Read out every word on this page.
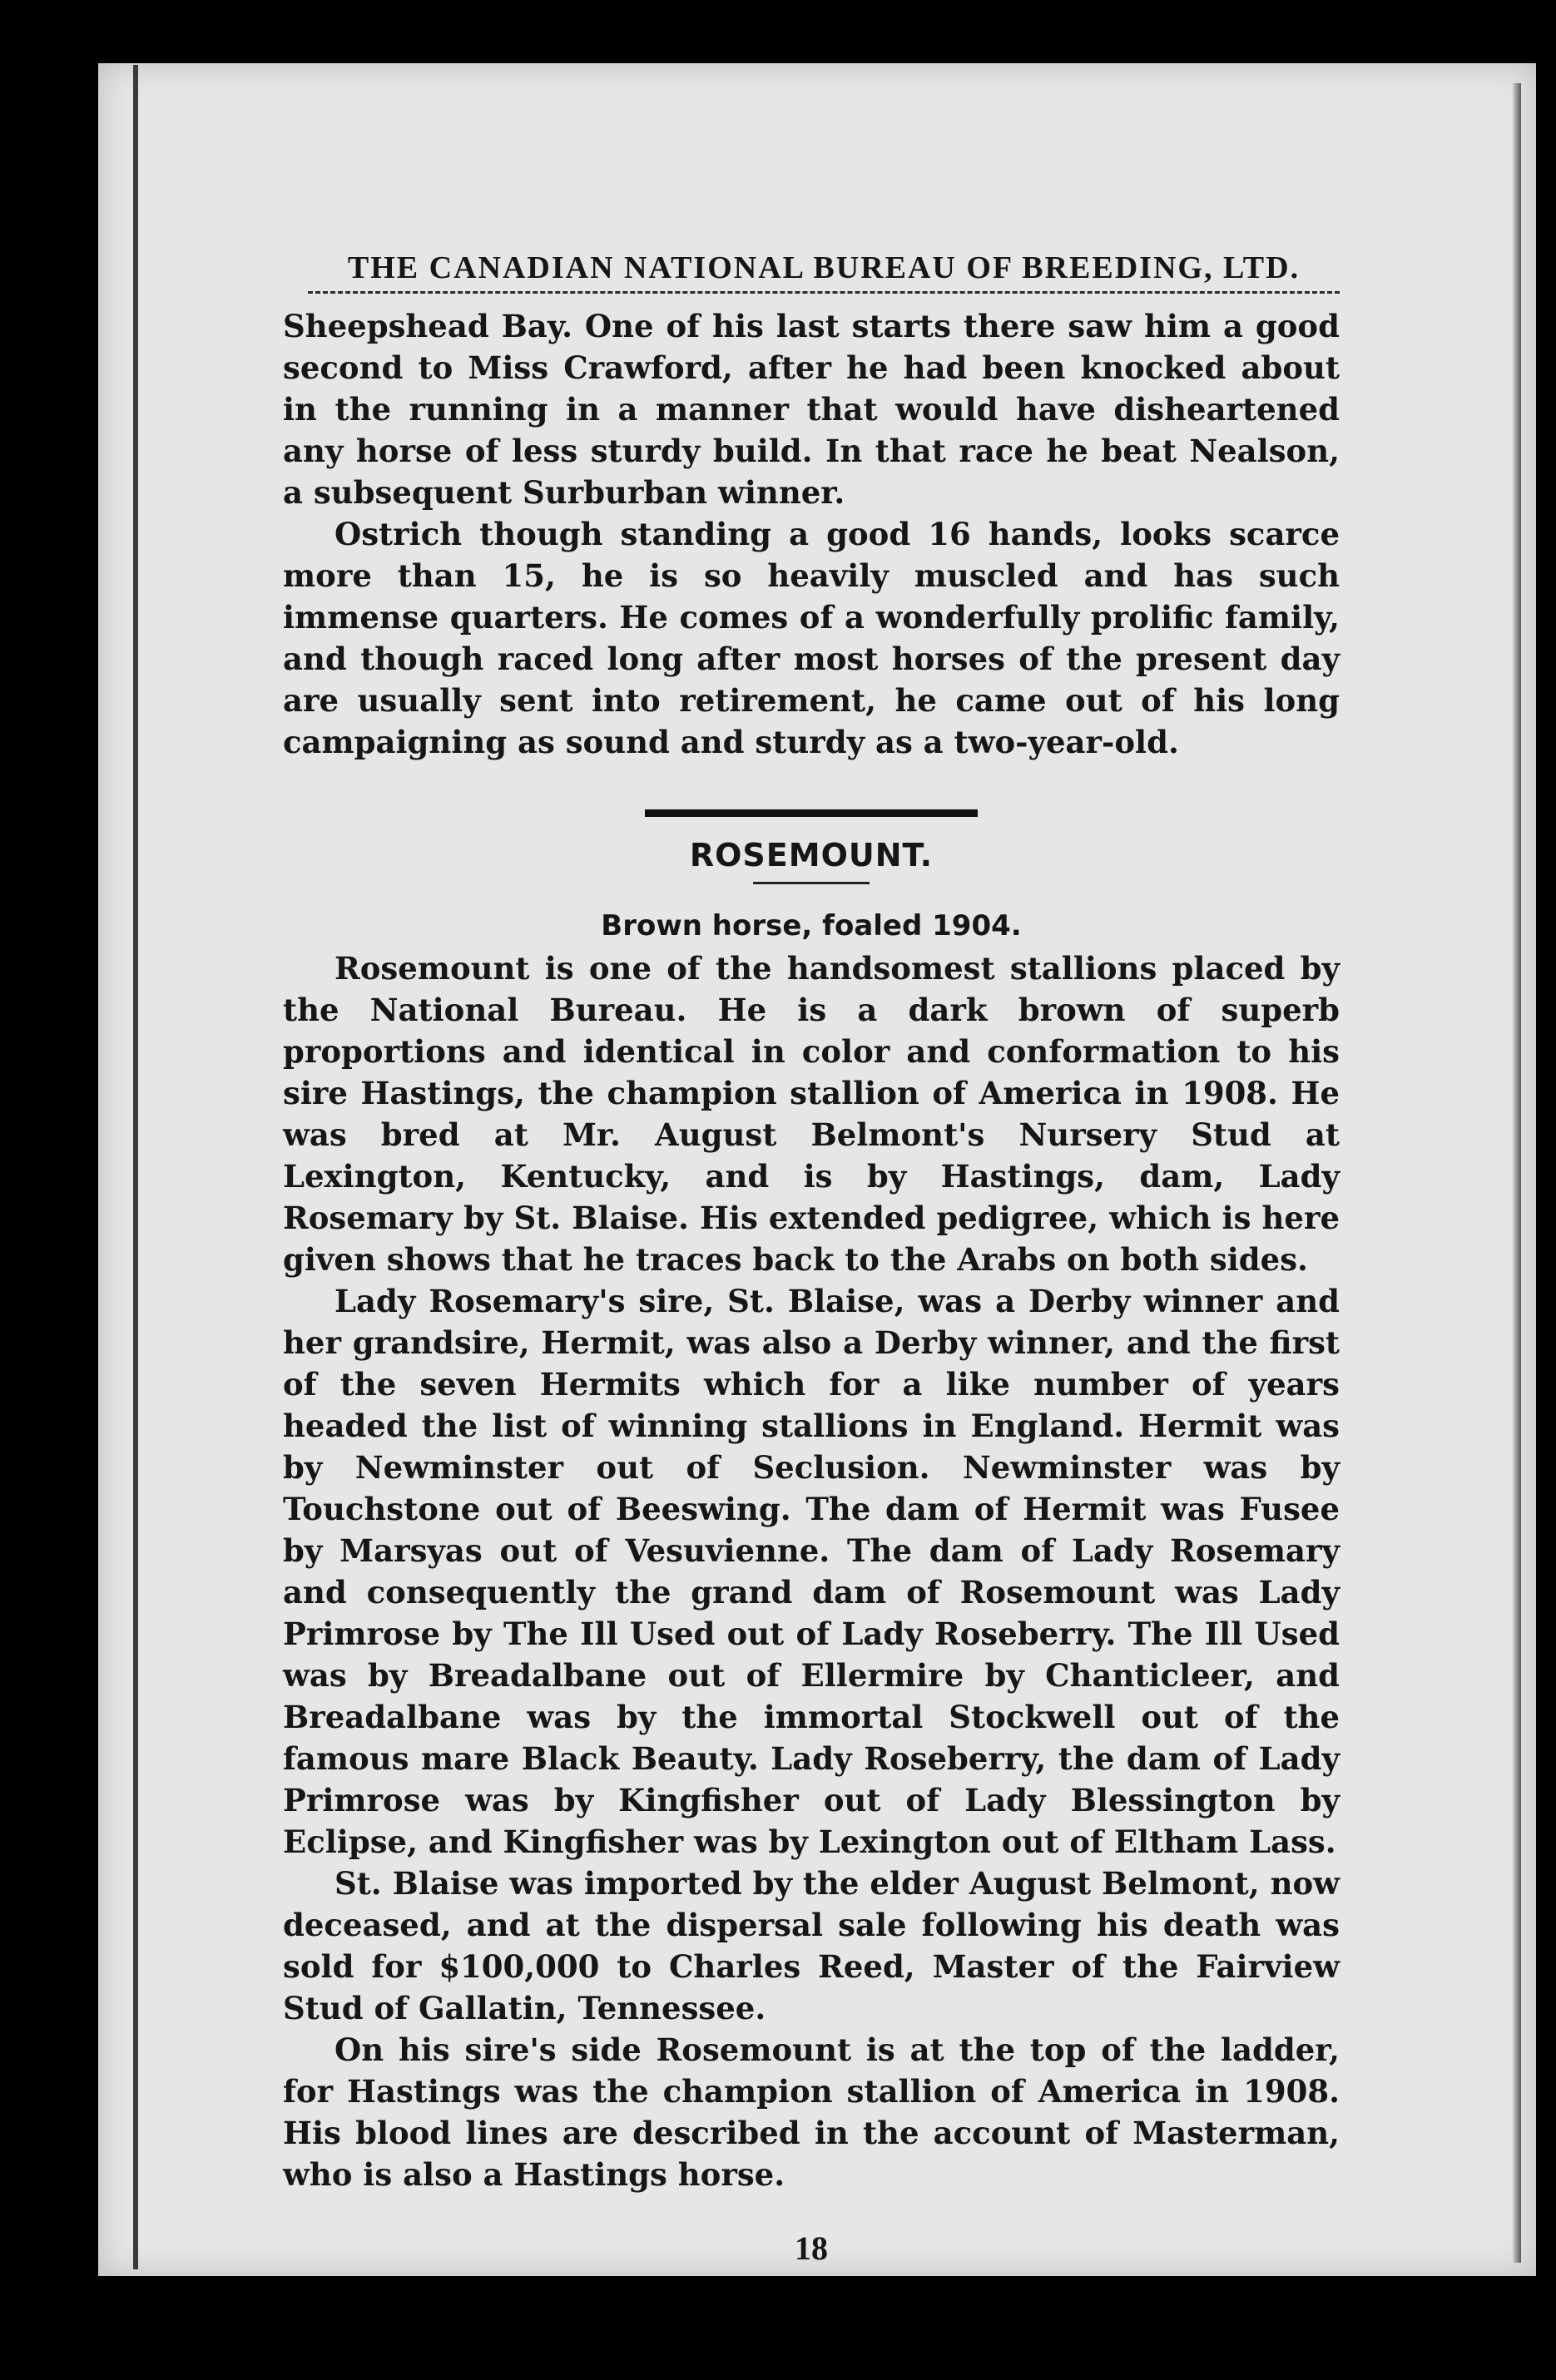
THE CANADIAN NATIONAL BUREAU OF BREEDING, LTD.

Sheepshead Bay. One of his last starts there saw him a good second to Miss Crawford, after he had been knocked about in the running in a manner that would have disheartened any horse of less sturdy build. In that race he beat Nealson, a subsequent Surburban winner.

Ostrich though standing a good 16 hands, looks scarce more than 15, he is so heavily muscled and has such immense quarters. He comes of a wonderfully prolific family, and though raced long after most horses of the present day are usually sent into retirement, he came out of his long campaigning as sound and sturdy as a two-year-old.

ROSEMOUNT.
Brown horse, foaled 1904.

Rosemount is one of the handsomest stallions placed by the National Bureau. He is a dark brown of superb proportions and identical in color and conformation to his sire Hastings, the champion stallion of America in 1908. He was bred at Mr. August Belmont's Nursery Stud at Lexington, Kentucky, and is by Hastings, dam, Lady Rosemary by St. Blaise. His extended pedigree, which is here given shows that he traces back to the Arabs on both sides.

Lady Rosemary's sire, St. Blaise, was a Derby winner and her grandsire, Hermit, was also a Derby winner, and the first of the seven Hermits which for a like number of years headed the list of winning stallions in England. Hermit was by Newminster out of Seclusion. Newminster was by Touchstone out of Beeswing. The dam of Hermit was Fusee by Marsyas out of Vesuvienne. The dam of Lady Rosemary and consequently the grand dam of Rosemount was Lady Primrose by The Ill Used out of Lady Roseberry. The Ill Used was by Breadalbane out of Ellermire by Chanticleer, and Breadalbane was by the immortal Stockwell out of the famous mare Black Beauty. Lady Roseberry, the dam of Lady Primrose was by Kingfisher out of Lady Blessington by Eclipse, and Kingfisher was by Lexington out of Eltham Lass.

St. Blaise was imported by the elder August Belmont, now deceased, and at the dispersal sale following his death was sold for $100,000 to Charles Reed, Master of the Fairview Stud of Gallatin, Tennessee.

On his sire's side Rosemount is at the top of the ladder, for Hastings was the champion stallion of America in 1908. His blood lines are described in the account of Masterman, who is also a Hastings horse.

18
